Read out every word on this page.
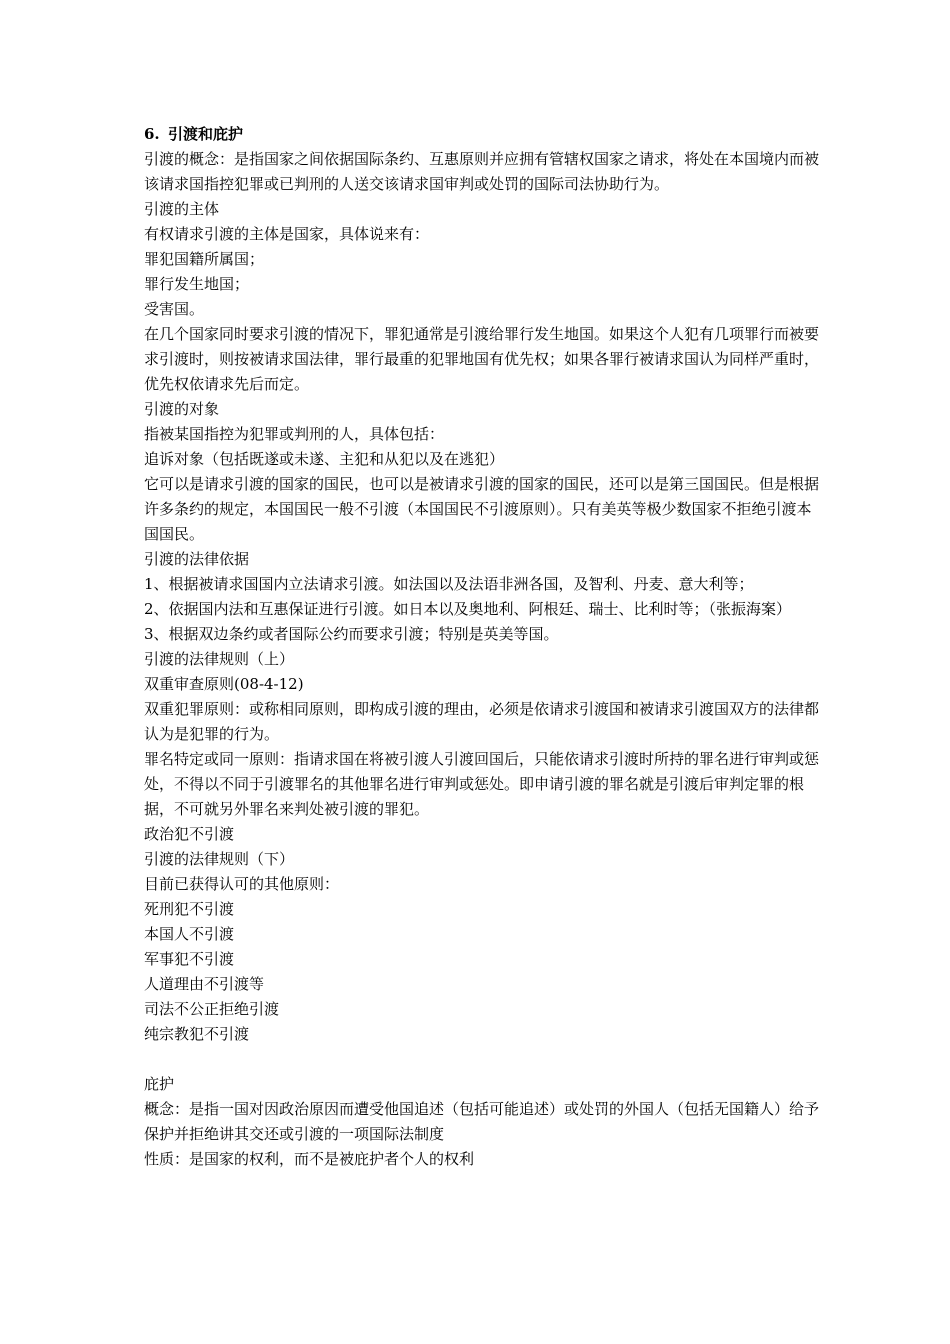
6. 引渡和庇护

引渡的概念：是指国家之间依据国际条约、互惠原则并应拥有管辖权国家之请求，将处在本国境内而被该请求国指控犯罪或已判刑的人送交该请求国审判或处罚的国际司法协助行为。

引渡的主体

有权请求引渡的主体是国家，具体说来有：

罪犯国籍所属国；

罪行发生地国；

受害国。

在几个国家同时要求引渡的情况下，罪犯通常是引渡给罪行发生地国。如果这个人犯有几项罪行而被要求引渡时，则按被请求国法律，罪行最重的犯罪地国有优先权；如果各罪行被请求国认为同样严重时，优先权依请求先后而定。

引渡的对象

指被某国指控为犯罪或判刑的人，具体包括：

追诉对象（包括既遂或未遂、主犯和从犯以及在逃犯）

它可以是请求引渡的国家的国民，也可以是被请求引渡的国家的国民，还可以是第三国国民。但是根据许多条约的规定，本国国民一般不引渡（本国国民不引渡原则）。只有美英等极少数国家不拒绝引渡本国国民。

引渡的法律依据

1、根据被请求国国内立法请求引渡。如法国以及法语非洲各国，及智利、丹麦、意大利等；

2、依据国内法和互惠保证进行引渡。如日本以及奥地利、阿根廷、瑞士、比利时等；（张振海案）

3、根据双边条约或者国际公约而要求引渡；特别是英美等国。

引渡的法律规则（上）

双重审查原则(08-4-12)

双重犯罪原则：或称相同原则，即构成引渡的理由，必须是依请求引渡国和被请求引渡国双方的法律都认为是犯罪的行为。

罪名特定或同一原则：指请求国在将被引渡人引渡回国后，只能依请求引渡时所持的罪名进行审判或惩处，不得以不同于引渡罪名的其他罪名进行审判或惩处。即申请引渡的罪名就是引渡后审判定罪的根据，不可就另外罪名来判处被引渡的罪犯。

政治犯不引渡

引渡的法律规则（下）

目前已获得认可的其他原则：

死刑犯不引渡

本国人不引渡

军事犯不引渡

人道理由不引渡等

司法不公正拒绝引渡

纯宗教犯不引渡

庇护

概念：是指一国对因政治原因而遭受他国追述（包括可能追述）或处罚的外国人（包括无国籍人）给予保护并拒绝讲其交还或引渡的一项国际法制度

性质：是国家的权利，而不是被庇护者个人的权利
